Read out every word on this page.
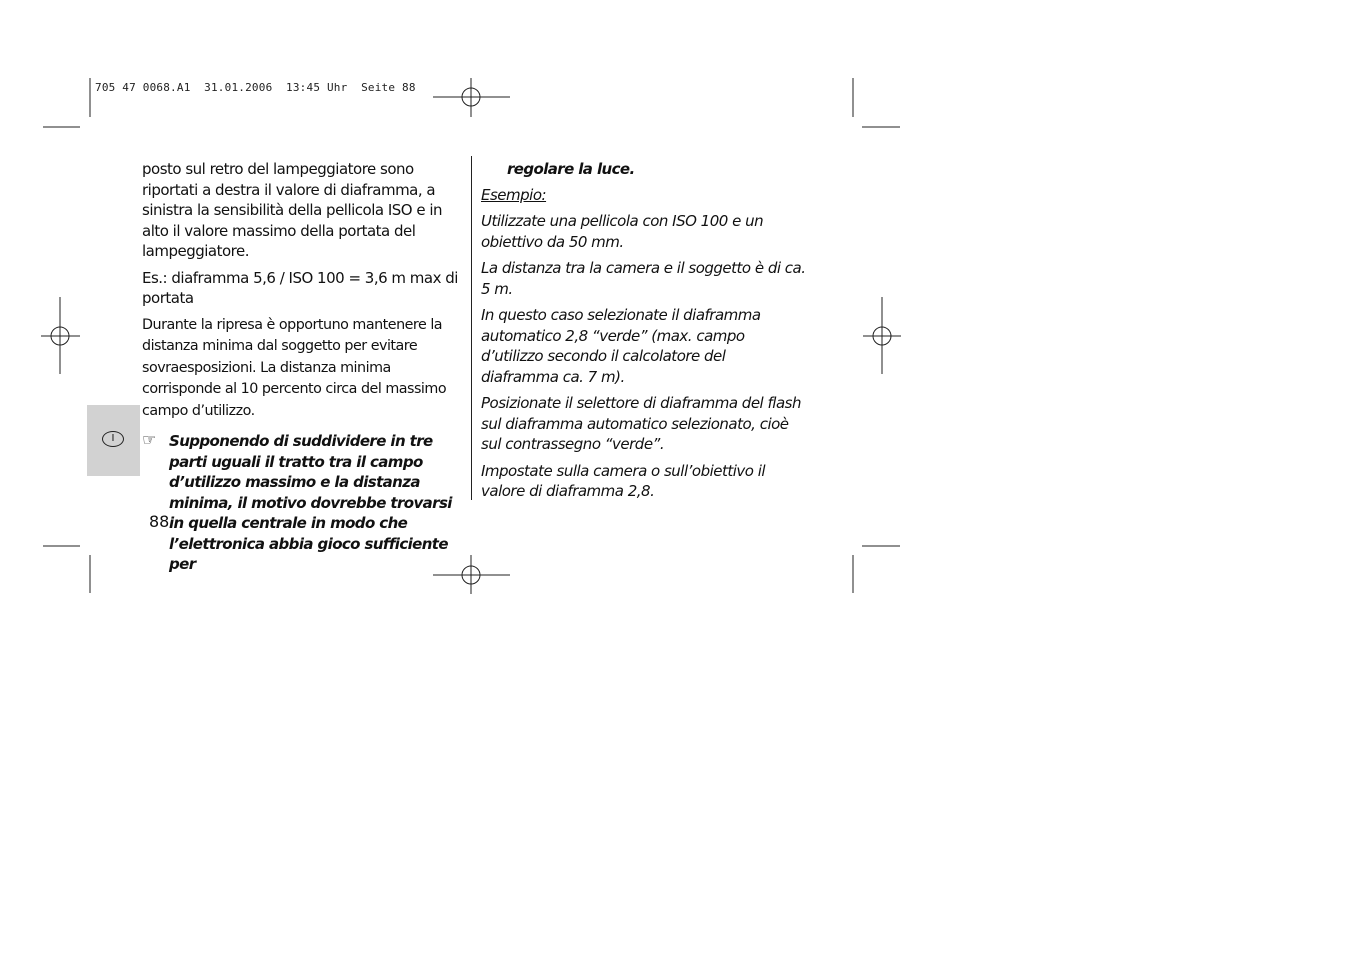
705 47 0068.A1  31.01.2006  13:45 Uhr  Seite 88
I

posto sul retro del lampeggiatore sono riportati a destra il valore di diaframma, a sinistra la sensibilità della pellicola ISO e in alto il valore massimo della portata del lampeggiatore.

Es.: diaframma 5,6 / ISO 100 = 3,6 m max di portata

Durante la ripresa è opportuno mantenere la distanza minima dal soggetto per evitare sovraesposizioni. La distanza minima corrisponde al 10 percento circa del massimo campo d’utilizzo.

☞ Supponendo di suddividere in tre parti uguali il tratto tra il campo d’utilizzo massimo e la distanza minima, il motivo dovrebbe trovarsi in quella centrale in modo che l’elettronica abbia gioco sufficiente per

regolare la luce.

Esempio:

Utilizzate una pellicola con ISO 100 e un obiettivo da 50 mm.

La distanza tra la camera e il soggetto è di ca. 5 m.

In questo caso selezionate il diaframma automatico 2,8 “verde” (max. campo d’utilizzo secondo il calcolatore del diaframma ca. 7 m).

Posizionate il selettore di diaframma del flash sul diaframma automatico selezionato, cioè sul contrassegno “verde”.

Impostate sulla camera o sull’obiettivo il valore di diaframma 2,8.

88
